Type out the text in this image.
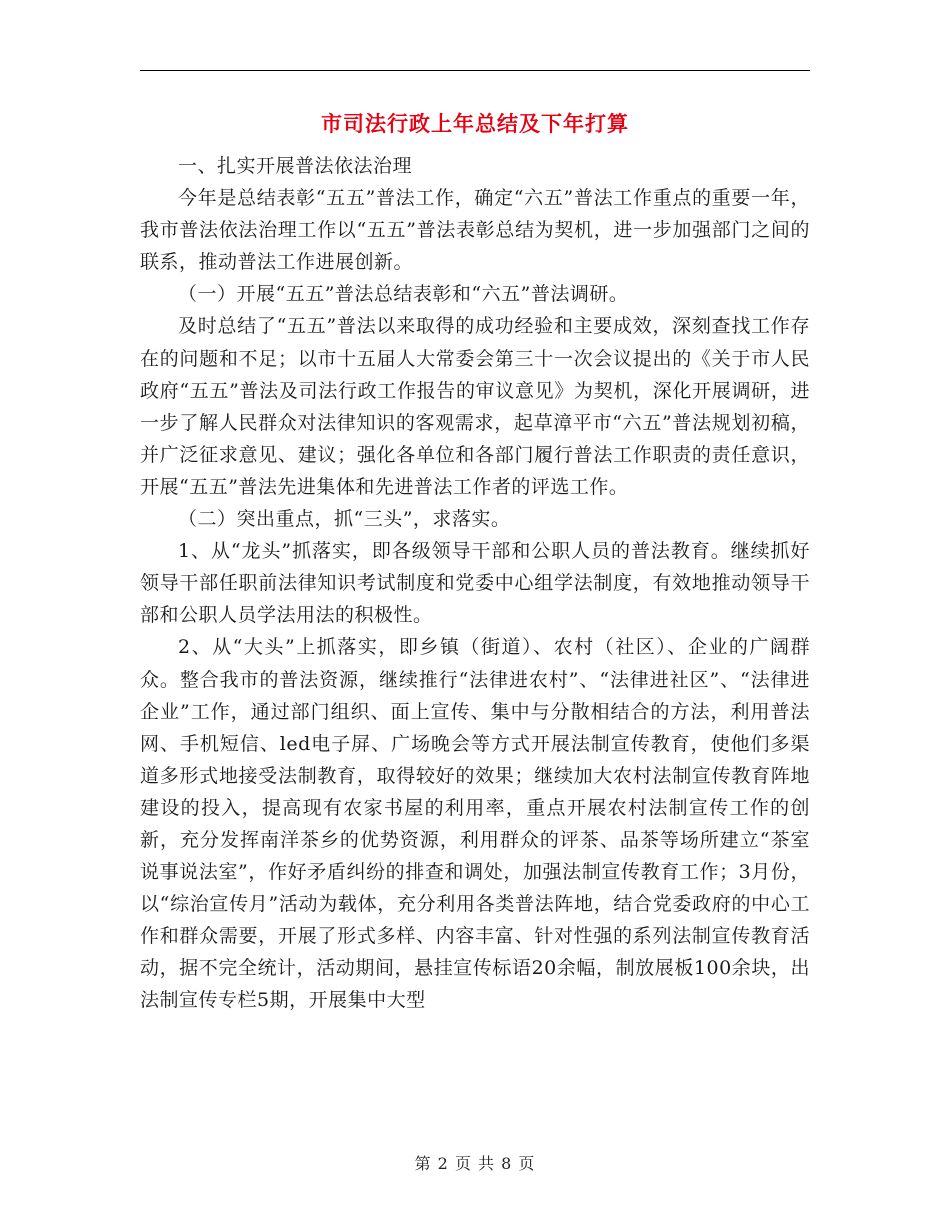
市司法行政上年总结及下年打算

一、扎实开展普法依法治理

今年是总结表彰“五五”普法工作，确定“六五”普法工作重点的重要一年，我市普法依法治理工作以“五五”普法表彰总结为契机，进一步加强部门之间的联系，推动普法工作进展创新。

（一）开展“五五”普法总结表彰和“六五”普法调研。

及时总结了“五五”普法以来取得的成功经验和主要成效，深刻查找工作存在的问题和不足；以市十五届人大常委会第三十一次会议提出的《关于市人民政府“五五”普法及司法行政工作报告的审议意见》为契机，深化开展调研，进一步了解人民群众对法律知识的客观需求，起草漳平市“六五”普法规划初稿，并广泛征求意见、建议；强化各单位和各部门履行普法工作职责的责任意识，开展“五五”普法先进集体和先进普法工作者的评选工作。

（二）突出重点，抓“三头”，求落实。

1、从“龙头”抓落实，即各级领导干部和公职人员的普法教育。继续抓好领导干部任职前法律知识考试制度和党委中心组学法制度，有效地推动领导干部和公职人员学法用法的积极性。

2、从“大头”上抓落实，即乡镇（街道）、农村（社区）、企业的广阔群众。整合我市的普法资源，继续推行“法律进农村”、“法律进社区”、“法律进企业”工作，通过部门组织、面上宣传、集中与分散相结合的方法，利用普法网、手机短信、led电子屏、广场晚会等方式开展法制宣传教育，使他们多渠道多形式地接受法制教育，取得较好的效果；继续加大农村法制宣传教育阵地建设的投入，提高现有农家书屋的利用率，重点开展农村法制宣传工作的创新，充分发挥南洋茶乡的优势资源，利用群众的评茶、品茶等场所建立“茶室说事说法室”，作好矛盾纠纷的排查和调处，加强法制宣传教育工作；3月份，以“综治宣传月”活动为载体，充分利用各类普法阵地，结合党委政府的中心工作和群众需要，开展了形式多样、内容丰富、针对性强的系列法制宣传教育活动，据不完全统计，活动期间，悬挂宣传标语20余幅，制放展板100余块，出法制宣传专栏5期，开展集中大型

第 2 页 共 8 页
